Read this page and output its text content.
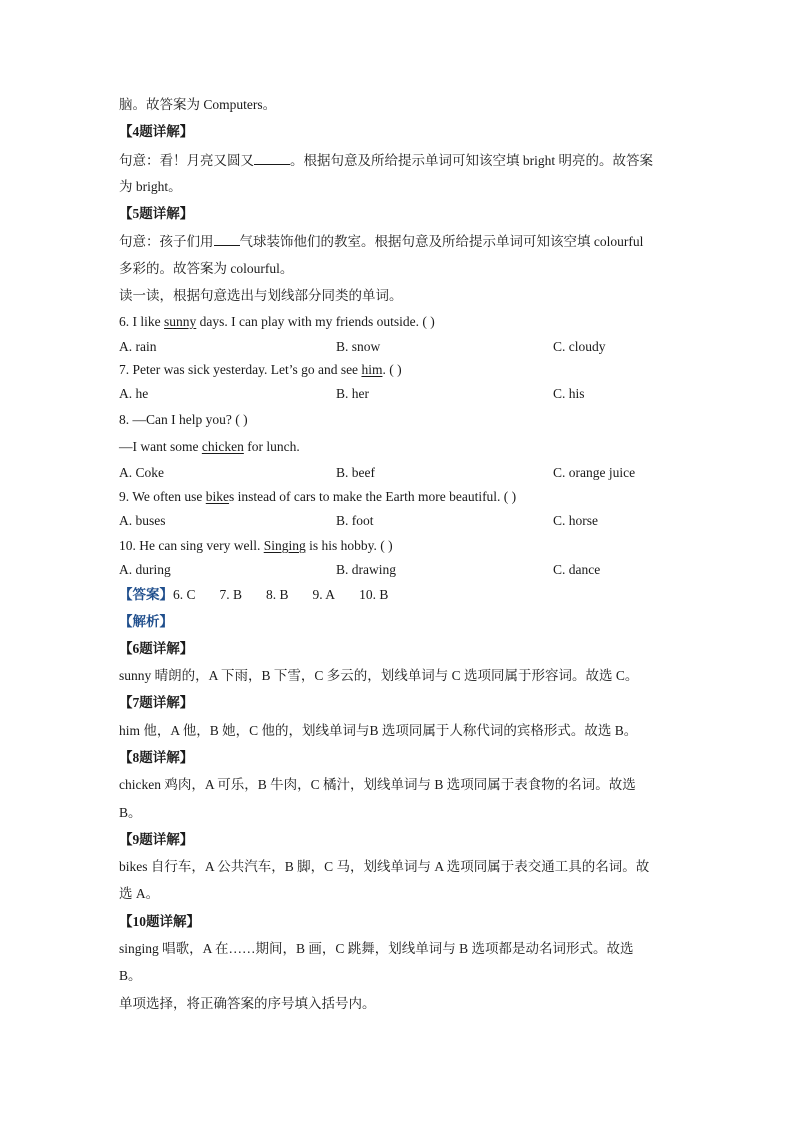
脑。故答案为 Computers。
【4题详解】
句意：看！月亮又圆又	。根据句意及所给提示单词可知该空填 bright 明亮的。故答案
为 bright。
【5题详解】
句意：孩子们用 气球装饰他们的教室。根据句意及所给提示单词可知该空填 colourful
多彩的。故答案为 colourful。
读一读，根据句意选出与划线部分同类的单词。
6. I like sunny days. I can play with my friends outside. ( )
A. rain	B. snow	C. cloudy
7. Peter was sick yesterday. Let’s go and see him. ( )
A. he	B. her	C. his
8. —Can I help you? ( )
—I want some chicken for lunch.
A. Coke	B. beef	C. orange juice
9. We often use bikes instead of cars to make the Earth more beautiful. ( )
A. buses	B. foot	C. horse
10. He can sing very well. Singing is his hobby. ( )
A. during	B. drawing	C. dance
【答案】6. C 7. B 8. B 9. A 10. B
【解析】
【6题详解】
sunny 晴朗的，A 下雨，B 下雪，C 多云的，划线单词与 C 选项同属于形容词。故选 C。
【7题详解】
him 他，A 他，B 她，C 他的，划线单词与B 选项同属于人称代词的宾格形式。故选 B。
【8题详解】
chicken 鸡肉，A 可乐，B 牛肉，C 橘汁，划线单词与 B 选项同属于表食物的名词。故选
B。
【9题详解】
bikes 自行车，A 公共汽车，B 脚，C 马，划线单词与 A 选项同属于表交通工具的名词。故
选 A。
【10题详解】
singing 唱歌，A 在……期间，B 画，C 跳舞，划线单词与 B 选项都是动名词形式。故选
B。
单项选择，将正确答案的序号填入括号内。
